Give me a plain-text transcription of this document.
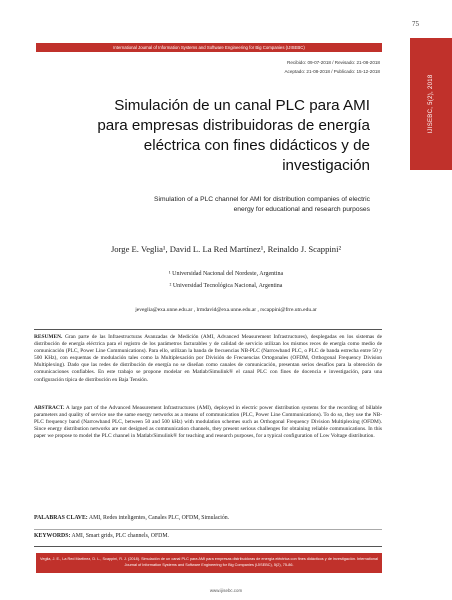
75
International Journal of Information Systems and Software Engineering for Big Companies (IJISEBC)
IJISEBC, 5(2), 2018
Recibido: 09-07-2018 / Revisado: 21-08-2018
Aceptado: 21-08-2018 / Publicado: 15-12-2018
Simulación de un canal PLC para AMI
para empresas distribuidoras de energía
eléctrica con fines didácticos y de
investigación
Simulation of a PLC channel for AMI for distribution companies of electric
energy for educational and research purposes
Jorge E. Veglia¹, David L. La Red Martínez¹, Reinaldo J. Scappini²
¹ Universidad Nacional del Nordeste, Argentina
² Universidad Tecnológica Nacional, Argentina
jeveglia@exa.unne.edu.ar , lrmdavid@exa.unne.edu.ar , rscappini@frre.utn.edu.ar
RESUMEN. Gran parte de las Infraestructuras Avanzadas de Medición (AMI, Advanced Measurement Infrastructures), desplegadas en los sistemas de distribución de energía eléctrica para el registro de los parámetros facturables y de calidad de servicio utilizan los mismos reces de energía como medio de comunicación (PLC, Power Line Communications). Para ello, utilizan la banda de frecuencias NB-PLC (Narrowband PLC, o PLC de banda estrecha entre 50 y 500 KHz), con esquemas de modulación tales como la Multiplexación por División de Frecuencias Ortogonales (OFDM, Orthogonal Frequency Division Multiplexing). Dado que las redes de distribución de energía no se diseñan como canales de comunicación, presentan serios desafíos para la obtención de comunicaciones confiables. En este trabajo se propone modelar en Matlab/Simulink® el canal PLC con fines de docencia e investigación, para una configuración típica de distribución en Baja Tensión.
ABSTRACT. A large part of the Advanced Measurement Infrastructures (AMI), deployed in electric power distribution systems for the recording of billable parameters and quality of service use the same energy networks as a means of communication (PLC, Power Line Communications). To do so, they use the NB-PLC frequency band (Narrowband PLC, between 50 and 500 kHz) with modulation schemes such as Orthogonal Frequency Division Multiplexing (OFDM). Since energy distribution networks are not designed as communication channels, they present serious challenges for obtaining reliable communications. In this paper we propose to model the PLC channel in Matlab/Simulink® for teaching and research purposes, for a typical configuration of Low Voltage distribution.
PALABRAS CLAVE: AMI, Redes inteligentes, Canales PLC, OFDM, Simulación.
KEYWORDS: AMI, Smart grids, PLC channels, OFDM.
Veglia, J. E., La Red Martínez, D. L., Scappini, R. J. (2018). Simulación de un canal PLC para AMI para empresas distribuidoras de energía eléctrica con fines didácticos y de investigación. International Journal of Information Systems and Software Engineering for Big Companies (IJISEBC), 5(2), 75-86.
www.ijisebc.com
